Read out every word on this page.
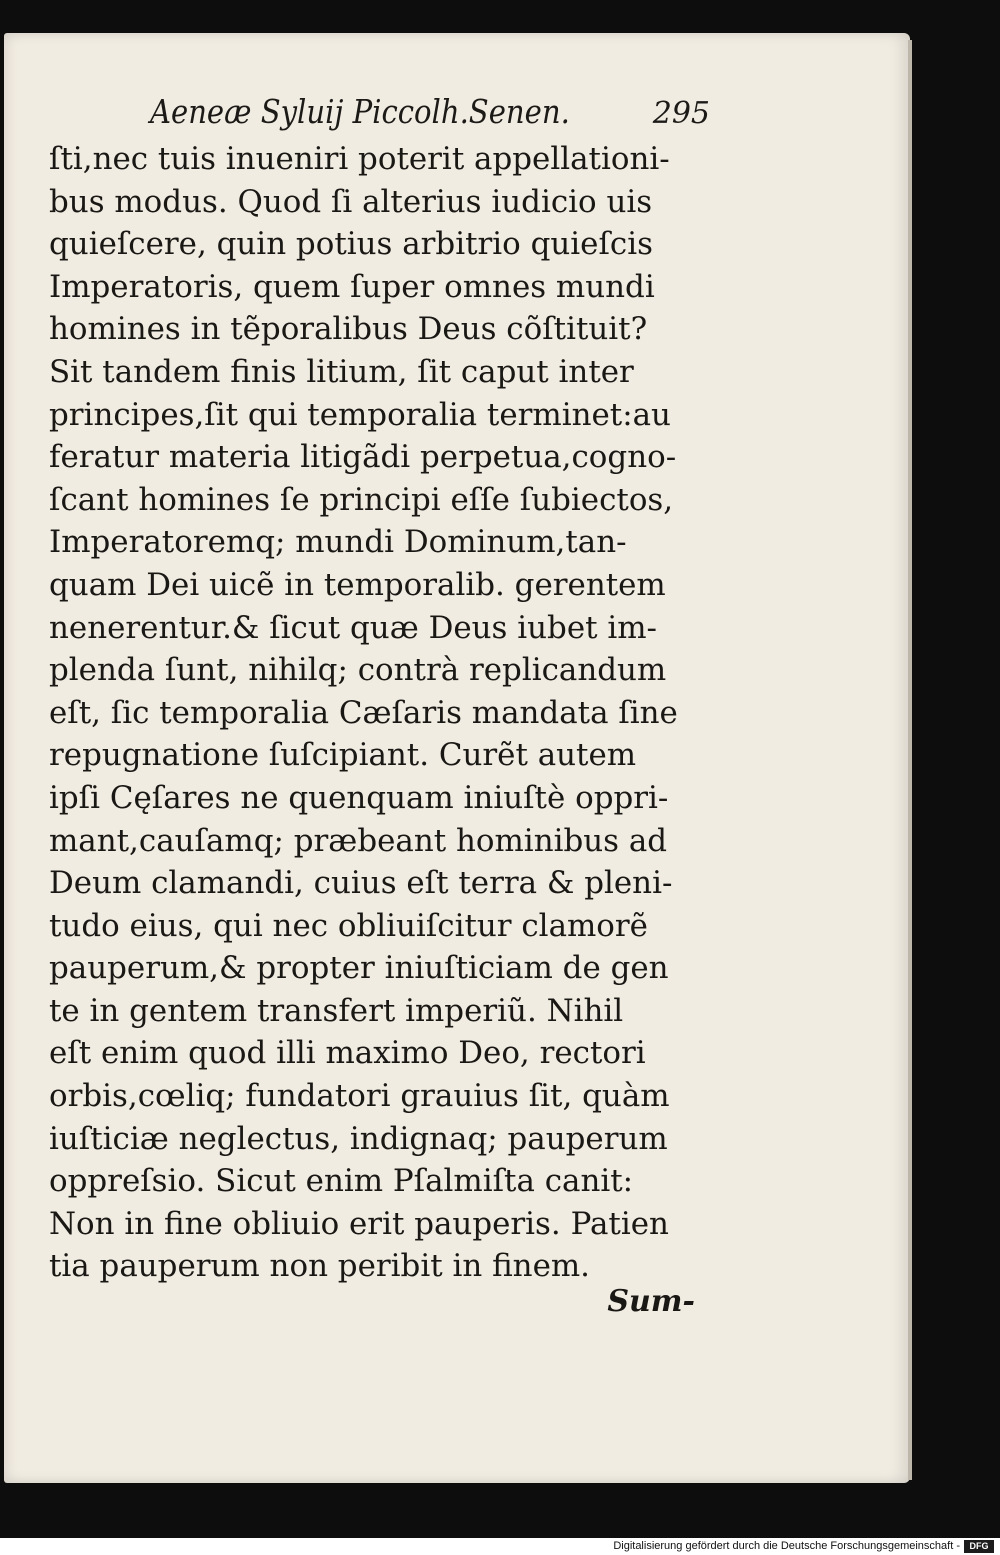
Aeneæ Syluij Piccolh.Senen.	295
ſti,nec tuis inueniri poterit appellationi-
bus modus. Quod ſi alterius iudicio uis
quieſcere, quin potius arbitrio quieſcis
Imperatoris, quem ſuper omnes mundi
homines in tẽporalibus Deus cõſtituit?
Sit tandem finis litium, ſit caput inter
principes,ſit qui temporalia terminet:au
feratur materia litigãdi perpetua,cogno-
ſcant homines ſe principi eſſe ſubiectos,
Imperatoremq; mundi Dominum,tan-
quam Dei uicẽ in temporalib. gerentem
nenerentur.& ſicut quæ Deus iubet im-
plenda ſunt, nihilq; contrà replicandum
eſt, ſic temporalia Cæſaris mandata ſine
repugnatione ſuſcipiant. Curẽt autem
ipſi Cęſares ne quenquam iniuſtè oppri-
mant,cauſamq; præbeant hominibus ad
Deum clamandi, cuius eſt terra & pleni-
tudo eius, qui nec obliuiſcitur clamorẽ
pauperum,& propter iniuſticiam de gen
te in gentem transfert imperiũ. Nihil
eſt enim quod illi maximo Deo, rectori
orbis,cœliq; fundatori grauius ſit, quàm
iuſticiæ neglectus, indignaq; pauperum
oppreſsio. Sicut enim Pſalmiſta canit:
Non in fine obliuio erit pauperis. Patien
tia pauperum non peribit in finem.
Sum-
Digitalisierung gefördert durch die Deutsche Forschungsgemeinschaft -	DFG
